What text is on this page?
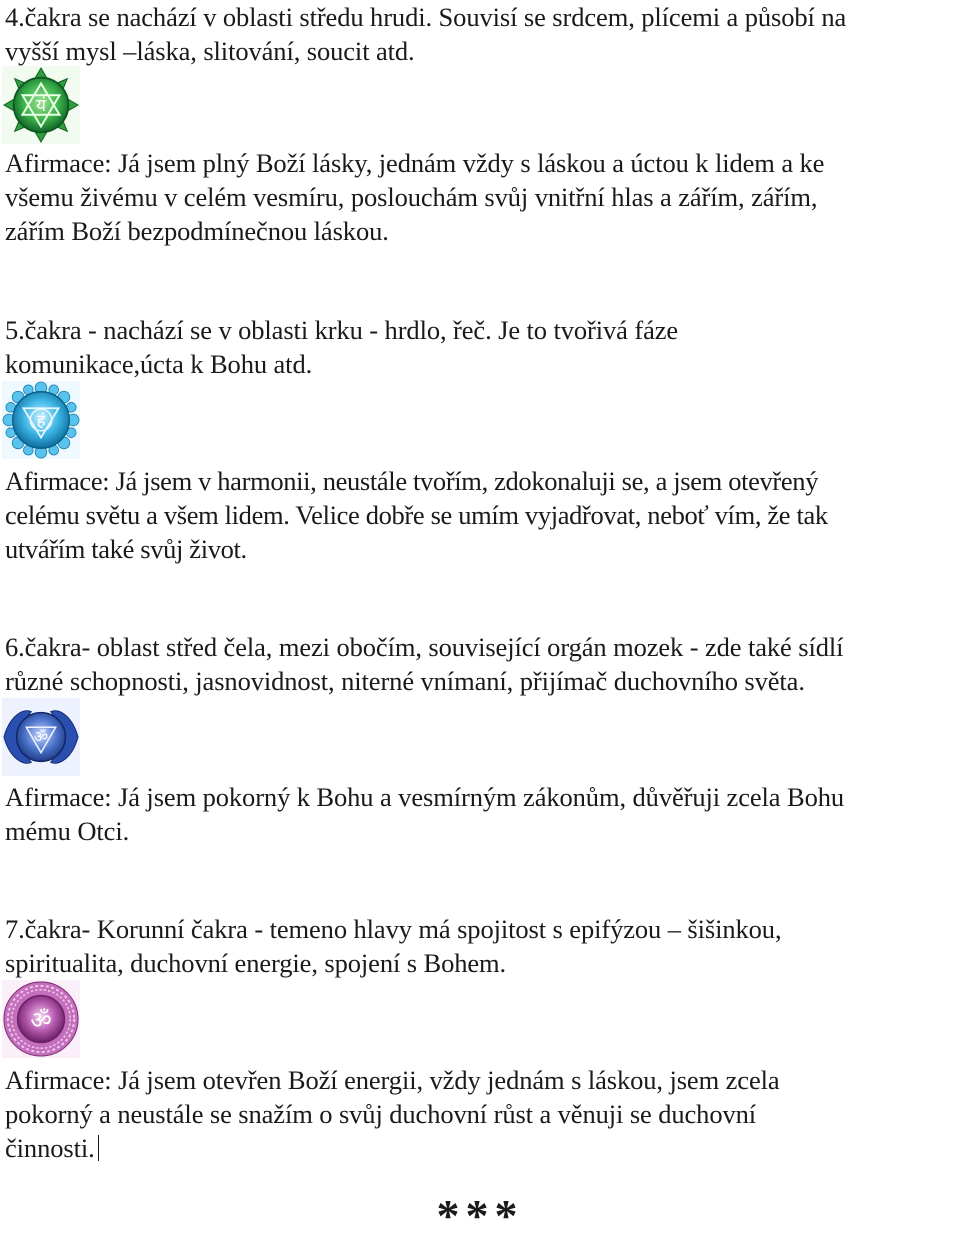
4.čakra se nachází v oblasti středu hrudi. Souvisí se srdcem, plícemi a působí na
vyšší mysl –láska, slitování, soucit atd.

यं

Afirmace: Já jsem plný Boží lásky, jednám vždy s láskou a úctou k lidem a ke
všemu živému v celém vesmíru, poslouchám svůj vnitřní hlas a zářím, zářím,
zářím Boží bezpodmínečnou láskou.

5.čakra - nachází se v oblasti krku - hrdlo, řeč. Je to tvořivá fáze
komunikace,úcta k Bohu atd.

हं

Afirmace: Já jsem v harmonii, neustále tvořím, zdokonaluji se, a jsem otevřený
celému světu a všem lidem. Velice dobře se umím vyjadřovat, neboť vím, že tak
utvářím také svůj život.

6.čakra- oblast střed čela, mezi obočím, související orgán mozek - zde také sídlí
různé schopnosti, jasnovidnost, niterné vnímaní, přijímač duchovního světa.

ॐ

Afirmace: Já jsem pokorný k Bohu a vesmírným zákonům, důvěřuji zcela Bohu
mému Otci.

7.čakra- Korunní čakra - temeno hlavy má spojitost s epifýzou – šišinkou,
spiritualita, duchovní energie, spojení s Bohem.

ॐ

Afirmace: Já jsem otevřen Boží energii, vždy jednám s láskou, jsem zcela
pokorný a neustále se snažím o svůj duchovní růst a věnuji se duchovní
činnosti.

***
